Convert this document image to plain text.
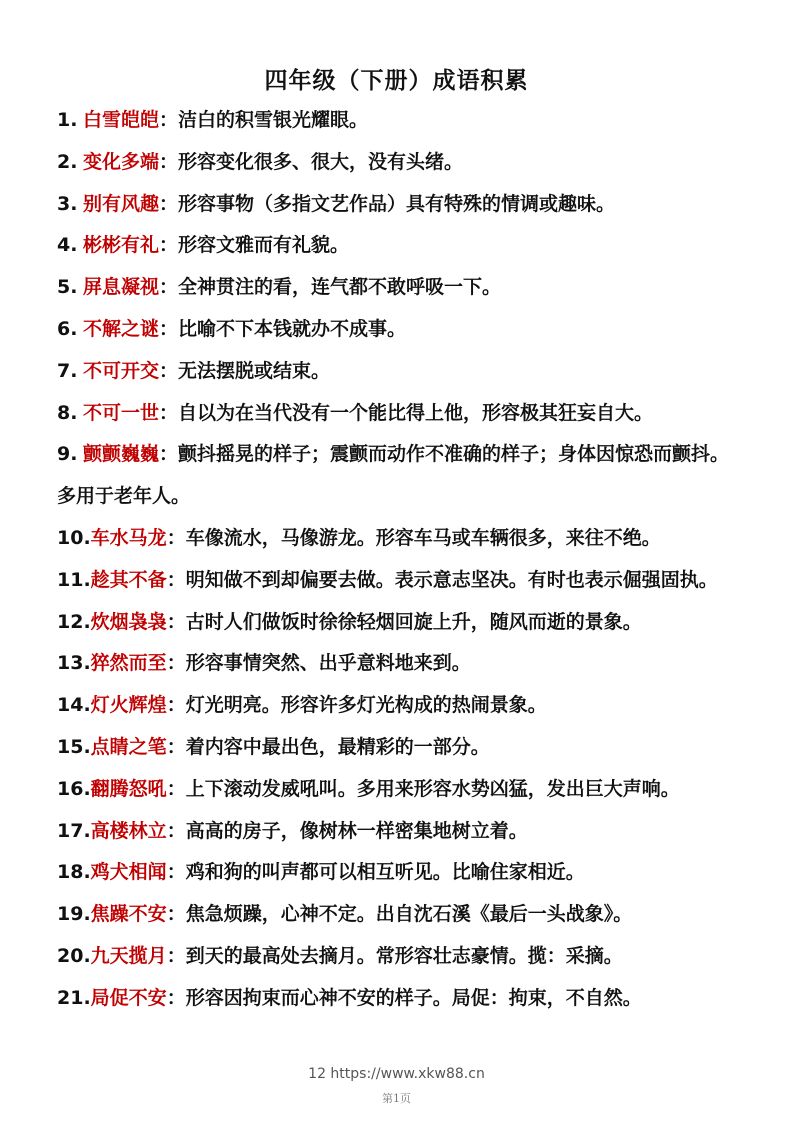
四年级（下册）成语积累

1. 白雪皑皑：洁白的积雪银光耀眼。

2. 变化多端：形容变化很多、很大，没有头绪。

3. 别有风趣：形容事物（多指文艺作品）具有特殊的情调或趣味。

4. 彬彬有礼：形容文雅而有礼貌。

5. 屏息凝视：全神贯注的看，连气都不敢呼吸一下。

6. 不解之谜：比喻不下本钱就办不成事。

7. 不可开交：无法摆脱或结束。

8. 不可一世：自以为在当代没有一个能比得上他，形容极其狂妄自大。

9. 颤颤巍巍：颤抖摇晃的样子；震颤而动作不准确的样子；身体因惊恐而颤抖。多用于老年人。

10.车水马龙：车像流水，马像游龙。形容车马或车辆很多，来往不绝。

11.趁其不备：明知做不到却偏要去做。表示意志坚决。有时也表示倔强固执。

12.炊烟袅袅：古时人们做饭时徐徐轻烟回旋上升，随风而逝的景象。

13.猝然而至：形容事情突然、出乎意料地来到。

14.灯火辉煌：灯光明亮。形容许多灯光构成的热闹景象。

15.点睛之笔：着内容中最出色，最精彩的一部分。

16.翻腾怒吼：上下滚动发威吼叫。多用来形容水势凶猛，发出巨大声响。

17.高楼林立：高高的房子，像树林一样密集地树立着。

18.鸡犬相闻：鸡和狗的叫声都可以相互听见。比喻住家相近。

19.焦躁不安：焦急烦躁，心神不定。出自沈石溪《最后一头战象》。

20.九天揽月：到天的最高处去摘月。常形容壮志豪情。揽：采摘。

21.局促不安：形容因拘束而心神不安的样子。局促：拘束，不自然。

12 https://www.xkw88.cn
第1页
